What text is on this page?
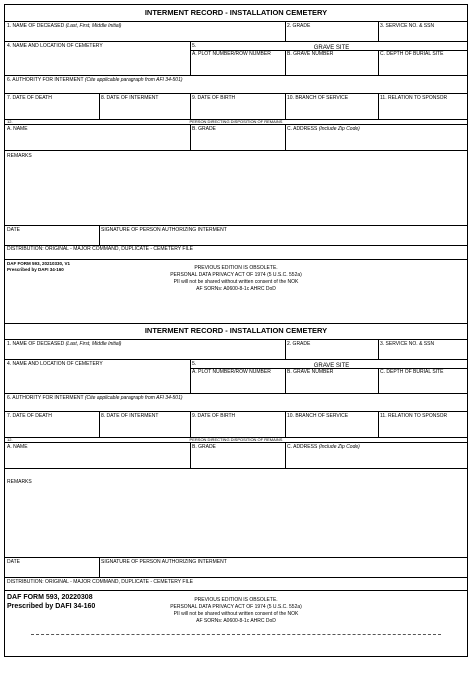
INTERMENT RECORD - INSTALLATION CEMETERY
1. NAME OF DECEASED (Last, First, Middle Initial)	2. GRADE	3. SERVICE NO. & SSN
4. NAME AND LOCATION OF CEMETERY	5.	GRAVE SITE
A. PLOT NUMBER/ROW NUMBER	B. GRAVE NUMBER	C. DEPTH OF BURIAL SITE
6. AUTHORITY FOR INTERMENT (Cite applicable paragraph from AFI 34-501)
7. DATE OF DEATH	8. DATE OF INTERMENT	9. DATE OF BIRTH	10. BRANCH OF SERVICE	11. RELATION TO SPONSOR
12.	PERSON DIRECTING DISPOSITION OF REMAINS
A. NAME	B. GRADE	C. ADDRESS (Include Zip Code)
REMARKS
DATE	SIGNATURE OF PERSON AUTHORIZING INTERMENT
DISTRIBUTION: ORIGINAL - MAJOR COMMAND, DUPLICATE - CEMETERY FILE
DAF FORM 593, 20210330, V1
Prescribed by DAFI 34-160	PREVIOUS EDITION IS OBSOLETE.
PERSONAL DATA PRIVACY ACT OF 1974 (5 U.S.C. 552a)
PII will not be shared without written consent of the NOK
AF SORNs: A0600-8-1c AHRC DoD
INTERMENT RECORD - INSTALLATION CEMETERY
1. NAME OF DECEASED (Last, First, Middle Initial)	2. GRADE	3. SERVICE NO. & SSN
4. NAME AND LOCATION OF CEMETERY	5.	GRAVE SITE
A. PLOT NUMBER/ROW NUMBER	B. GRAVE NUMBER	C. DEPTH OF BURIAL SITE
6. AUTHORITY FOR INTERMENT (Cite applicable paragraph from AFI 34-501)
7. DATE OF DEATH	8. DATE OF INTERMENT	9. DATE OF BIRTH	10. BRANCH OF SERVICE	11. RELATION TO SPONSOR
12.	PERSON DIRECTING DISPOSITION OF REMAINS
A. NAME	B. GRADE	C. ADDRESS (Include Zip Code)
REMARKS
DATE	SIGNATURE OF PERSON AUTHORIZING INTERMENT
DISTRIBUTION: ORIGINAL - MAJOR COMMAND, DUPLICATE - CEMETERY FILE
DAF FORM 593, 20220308
Prescribed by DAFI 34-160
PREVIOUS EDITION IS OBSOLETE.
PERSONAL DATA PRIVACY ACT OF 1974 (5 U.S.C. 552a)
PII will not be shared without written consent of the NOK
AF SORNs: A0600-8-1c AHRC DoD
